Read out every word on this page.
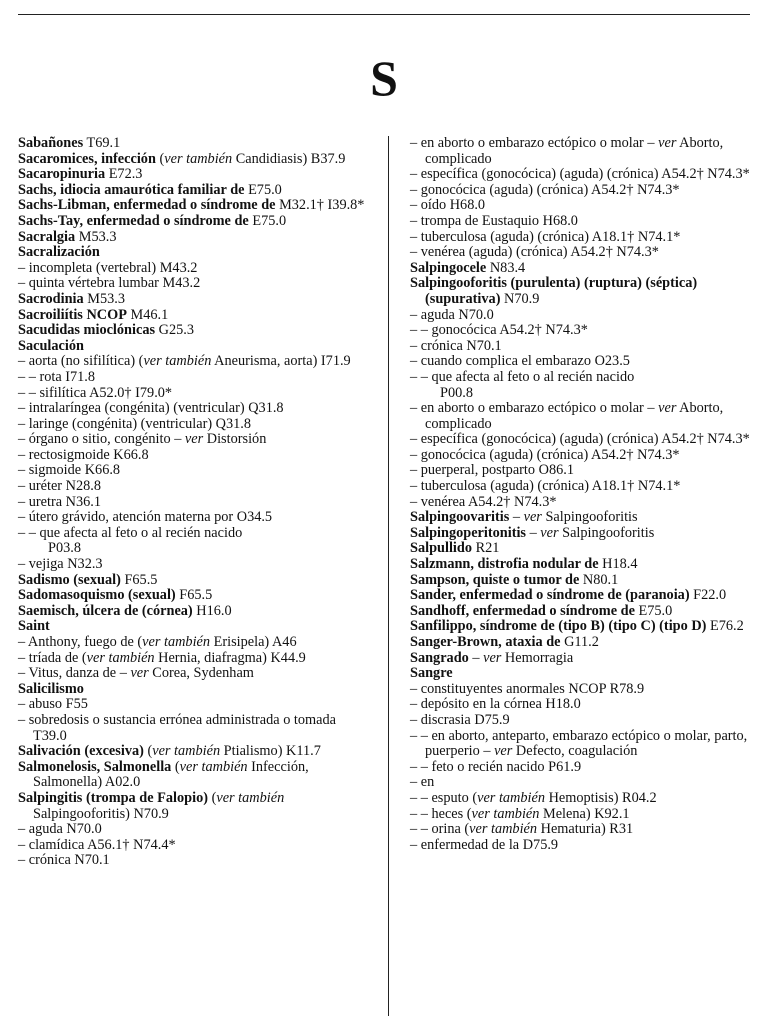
S

Sabañones T69.1

Sacaromices, infección (ver también Candidiasis) B37.9

Sacaropinuria E72.3

Sachs, idiocia amaurótica familiar de E75.0

Sachs-Libman, enfermedad o síndrome de M32.1† I39.8*

Sachs-Tay, enfermedad o síndrome de E75.0

Sacralgia M53.3

Sacralización

– incompleta (vertebral) M43.2

– quinta vértebra lumbar M43.2

Sacrodinia M53.3

Sacroiliítis NCOP M46.1

Sacudidas mioclónicas G25.3

Saculación

– aorta (no sifilítica) (ver también Aneurisma, aorta) I71.9

– – rota I71.8

– – sifilítica A52.0† I79.0*

– intralaríngea (congénita) (ventricular) Q31.8

– laringe (congénita) (ventricular) Q31.8

– órgano o sitio, congénito – ver Distorsión

– rectosigmoide K66.8

– sigmoide K66.8

– uréter N28.8

– uretra N36.1

– útero grávido, atención materna por O34.5

– – que afecta al feto o al recién nacido

P03.8

– vejiga N32.3

Sadismo (sexual) F65.5

Sadomasoquismo (sexual) F65.5

Saemisch, úlcera de (córnea) H16.0

Saint

– Anthony, fuego de (ver también Erisipela) A46

– tríada de (ver también Hernia, diafragma) K44.9

– Vitus, danza de – ver Corea, Sydenham

Salicilismo

– abuso F55

– sobredosis o sustancia errónea administrada o tomada T39.0

Salivación (excesiva) (ver también Ptialismo) K11.7

Salmonelosis, Salmonella (ver también Infección, Salmonella) A02.0

Salpingitis (trompa de Falopio) (ver también Salpingooforitis) N70.9

– aguda N70.0

– clamídica A56.1† N74.4*

– crónica N70.1

– en aborto o embarazo ectópico o molar – ver Aborto, complicado

– específica (gonocócica) (aguda) (crónica) A54.2† N74.3*

– gonocócica (aguda) (crónica) A54.2† N74.3*

– oído H68.0

– trompa de Eustaquio H68.0

– tuberculosa (aguda) (crónica) A18.1† N74.1*

– venérea (aguda) (crónica) A54.2† N74.3*

Salpingocele N83.4

Salpingooforitis (purulenta) (ruptura) (séptica) (supurativa) N70.9

– aguda N70.0

– – gonocócica A54.2† N74.3*

– crónica N70.1

– cuando complica el embarazo O23.5

– – que afecta al feto o al recién nacido

P00.8

– en aborto o embarazo ectópico o molar – ver Aborto, complicado

– específica (gonocócica) (aguda) (crónica) A54.2† N74.3*

– gonocócica (aguda) (crónica) A54.2† N74.3*

– puerperal, postparto O86.1

– tuberculosa (aguda) (crónica) A18.1† N74.1*

– venérea A54.2† N74.3*

Salpingoovaritis – ver Salpingooforitis

Salpingoperitonitis – ver Salpingooforitis

Salpullido R21

Salzmann, distrofia nodular de H18.4

Sampson, quiste o tumor de N80.1

Sander, enfermedad o síndrome de (paranoia) F22.0

Sandhoff, enfermedad o síndrome de E75.0

Sanfilippo, síndrome de (tipo B) (tipo C) (tipo D) E76.2

Sanger-Brown, ataxia de G11.2

Sangrado – ver Hemorragia

Sangre

– constituyentes anormales NCOP R78.9

– depósito en la córnea H18.0

– discrasia D75.9

– – en aborto, anteparto, embarazo ectópico o molar, parto, puerperio – ver Defecto, coagulación

– – feto o recién nacido P61.9

– en

– – esputo (ver también Hemoptisis) R04.2

– – heces (ver también Melena) K92.1

– – orina (ver también Hematuria) R31

– enfermedad de la D75.9
